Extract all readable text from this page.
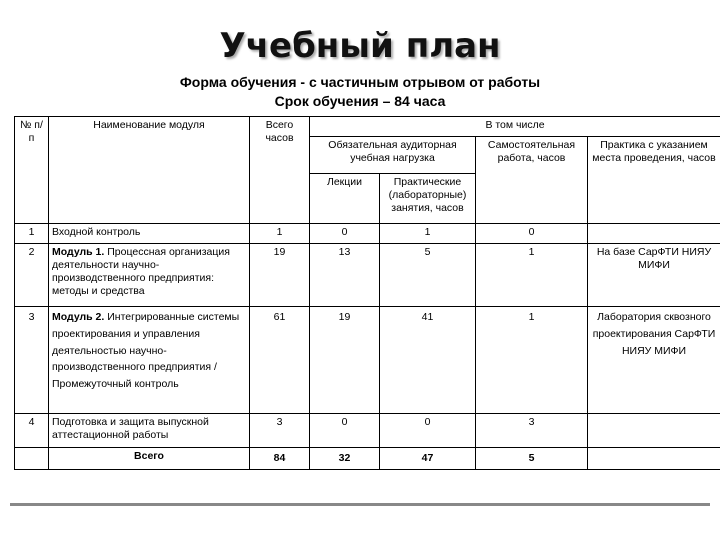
Учебный план
Форма обучения - с частичным отрывом от работы
Срок обучения – 84 часа
№ п/п	Наименование модуля	Всего часов	В том числе			
			Обязательная аудиторная учебная нагрузка		Самостоятельная работа, часов	Практика с указанием места проведения, часов
			Лекции	Практические (лабораторные) занятия, часов		
1	Входной контроль	1	0	1	0	
2	Модуль 1. Процессная организация деятельности научно-производственного предприятия: методы и средства	19	13	5	1	На базе СарФТИ НИЯУ МИФИ
3	Модуль 2. Интегрированные системы проектирования и управления деятельностью научно-производственного предприятия / Промежуточный контроль	61	19	41	1	Лаборатория сквозного проектирования СарФТИ НИЯУ МИФИ
4	Подготовка и защита выпускной аттестационной работы	3	0	0	3	
	Всего	84	32	47	5	
